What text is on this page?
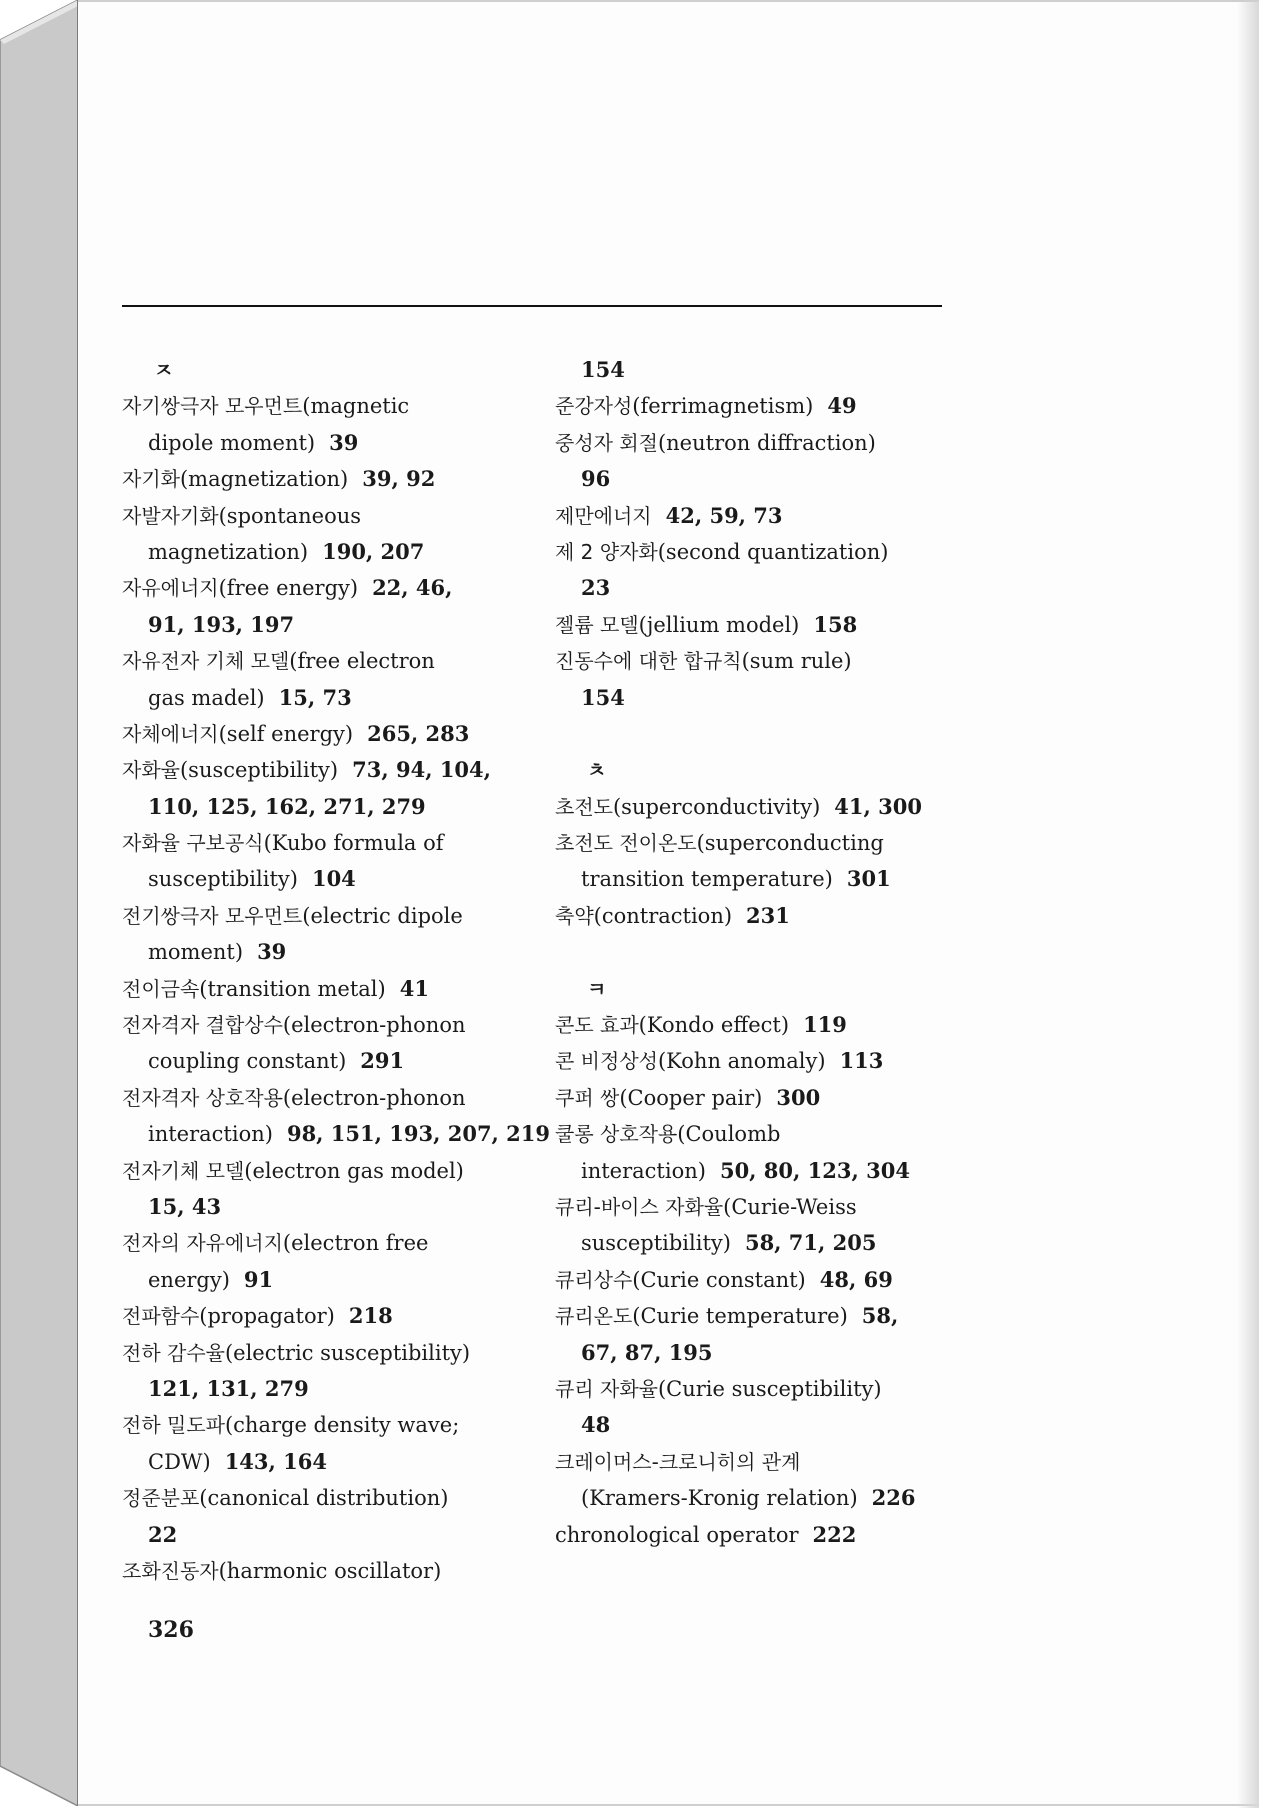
ㅈ
자기쌍극자 모우먼트(magnetic
dipole moment) 39
자기화(magnetization) 39, 92
자발자기화(spontaneous
magnetization) 190, 207
자유에너지(free energy) 22, 46,
91, 193, 197
자유전자 기체 모델(free electron
gas madel) 15, 73
자체에너지(self energy) 265, 283
자화율(susceptibility) 73, 94, 104,
110, 125, 162, 271, 279
자화율 구보공식(Kubo formula of
susceptibility) 104
전기쌍극자 모우먼트(electric dipole
moment) 39
전이금속(transition metal) 41
전자격자 결합상수(electron-phonon
coupling constant) 291
전자격자 상호작용(electron-phonon
interaction) 98, 151, 193, 207, 219
전자기체 모델(electron gas model)
15, 43
전자의 자유에너지(electron free
energy) 91
전파함수(propagator) 218
전하 감수율(electric susceptibility)
121, 131, 279
전하 밀도파(charge density wave;
CDW) 143, 164
정준분포(canonical distribution)
22
조화진동자(harmonic oscillator)
154
준강자성(ferrimagnetism) 49
중성자 회절(neutron diffraction)
96
제만에너지 42, 59, 73
제 2 양자화(second quantization)
23
젤륨 모델(jellium model) 158
진동수에 대한 합규칙(sum rule)
154
ㅊ
초전도(superconductivity) 41, 300
초전도 전이온도(superconducting
transition temperature) 301
축약(contraction) 231
ㅋ
콘도 효과(Kondo effect) 119
콘 비정상성(Kohn anomaly) 113
쿠퍼 쌍(Cooper pair) 300
쿨롱 상호작용(Coulomb
interaction) 50, 80, 123, 304
큐리-바이스 자화율(Curie-Weiss
susceptibility) 58, 71, 205
큐리상수(Curie constant) 48, 69
큐리온도(Curie temperature) 58,
67, 87, 195
큐리 자화율(Curie susceptibility)
48
크레이머스-크로니히의 관계
(Kramers-Kronig relation) 226
chronological operator 222
326
